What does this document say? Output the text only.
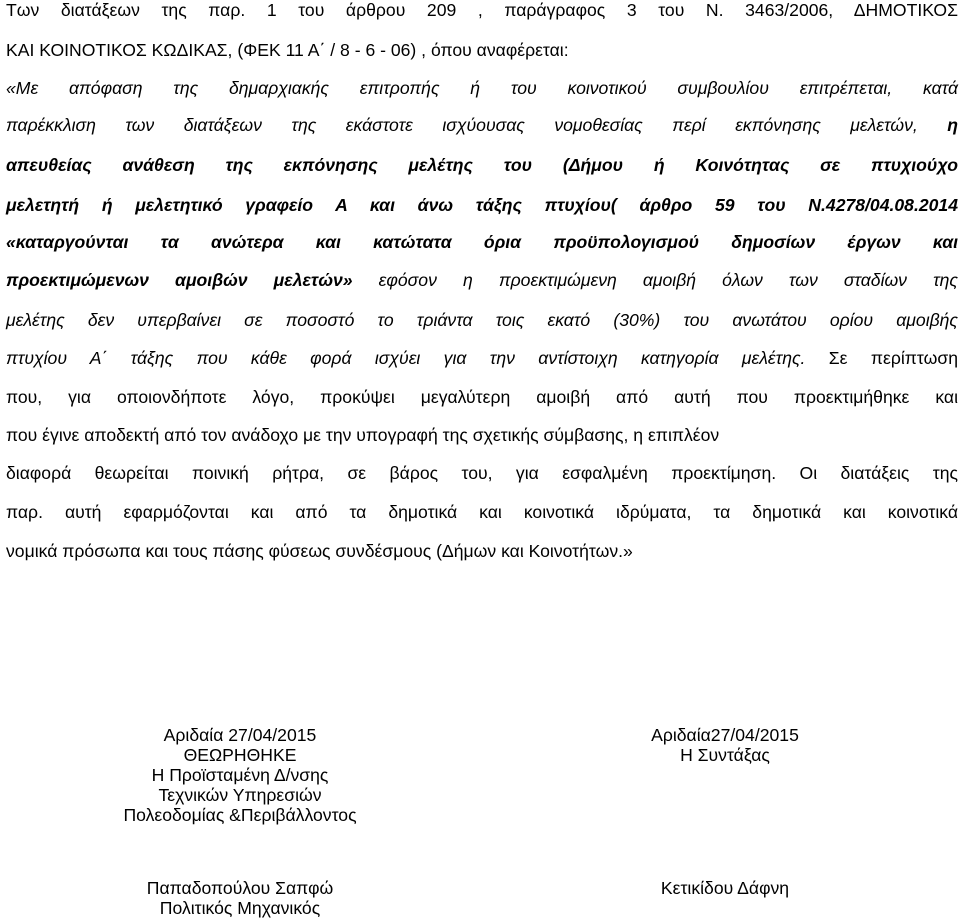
Των διατάξεων της παρ. 1 του άρθρου 209 , παράγραφος 3 του Ν. 3463/2006, ΔΗΜΟΤΙΚΟΣ
ΚΑΙ ΚΟΙΝΟΤΙΚΟΣ ΚΩΔΙΚΑΣ, (ΦΕΚ 11 Α΄ / 8 - 6 - 06) , όπου αναφέρεται:
«Με απόφαση της δημαρχιακής επιτροπής ή του κοινοτικού συμβουλίου επιτρέπεται, κατά
παρέκκλιση των διατάξεων της εκάστοτε ισχύουσας νομοθεσίας περί εκπόνησης μελετών, η
απευθείας ανάθεση της εκπόνησης μελέτης του (Δήμου ή Κοινότητας σε πτυχιούχο
μελετητή ή μελετητικό γραφείο Α και άνω τάξης πτυχίου( άρθρο 59 του Ν.4278/04.08.2014
«καταργούνται τα ανώτερα και κατώτατα όρια προϋπολογισμού δημοσίων έργων και
προεκτιμώμενων αμοιβών μελετών» εφόσον η προεκτιμώμενη αμοιβή όλων των σταδίων της
μελέτης δεν υπερβαίνει σε ποσοστό το τριάντα τοις εκατό (30%) του ανωτάτου ορίου αμοιβής
πτυχίου Α΄ τάξης που κάθε φορά ισχύει για την αντίστοιχη κατηγορία μελέτης. Σε περίπτωση
που, για οποιονδήποτε λόγο, προκύψει μεγαλύτερη αμοιβή από αυτή που προεκτιμήθηκε και
που έγινε αποδεκτή από τον ανάδοχο με την υπογραφή της σχετικής σύμβασης, η επιπλέον
διαφορά θεωρείται ποινική ρήτρα, σε βάρος του, για εσφαλμένη προεκτίμηση. Οι διατάξεις της
παρ. αυτή εφαρμόζονται και από τα δημοτικά και κοινοτικά ιδρύματα, τα δημοτικά και κοινοτικά
νομικά πρόσωπα και τους πάσης φύσεως συνδέσμους (Δήμων και Κοινοτήτων.»
Αριδαία 27/04/2015
ΘΕΩΡΗΘΗΚΕ
Η Προϊσταμένη Δ/νσης
Τεχνικών Υπηρεσιών
Πολεοδομίας &Περιβάλλοντος
Παπαδοπούλου Σαπφώ
Πολιτικός Μηχανικός
Αριδαία27/04/2015
Η Συντάξας
Κετικίδου Δάφνη
